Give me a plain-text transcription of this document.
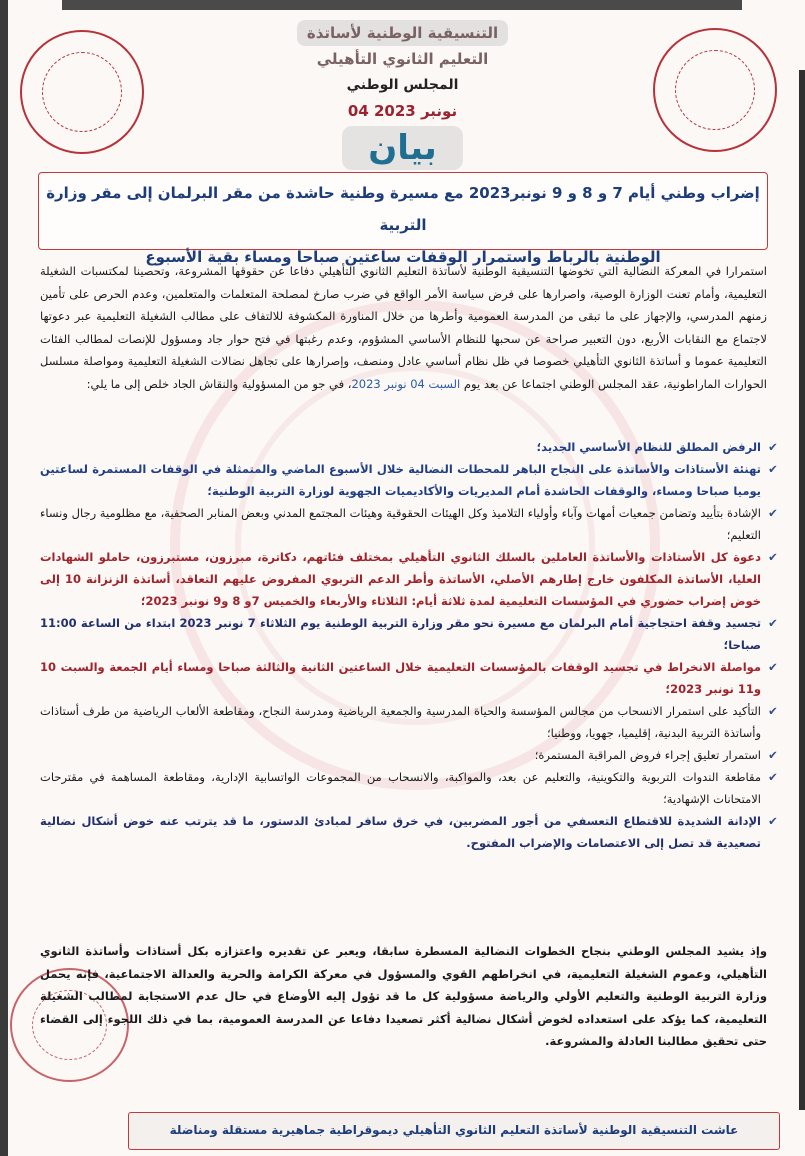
التنسيقية الوطنية لأساتذة

التعليم الثانوي التأهيلي

المجلس الوطني

04 نونبر 2023

بيان

إضراب وطني أيام 7 و 8 و 9 نونبر2023 مع مسيرة وطنية حاشدة من مقر البرلمان إلى مقر وزارة التربية

الوطنية بالرباط واستمرار الوقفات ساعتين صباحا ومساء بقية الأسبوع

استمرارا في المعركة النضالية التي تخوضها التنسيقية الوطنية لأساتذة التعليم الثانوي التأهيلي دفاعا عن حقوقها المشروعة، وتحصينا لمكتسبات الشغيلة التعليمية، وأمام تعنت الوزارة الوصية، واصرارها على فرض سياسة الأمر الواقع في ضرب صارخ لمصلحة المتعلمات والمتعلمين، وعدم الحرص على تأمين زمنهم المدرسي، والإجهاز على ما تبقى من المدرسة العمومية وأطرها من خلال المناورة المكشوفة للالتفاف على مطالب الشغيلة التعليمية عبر دعوتها لاجتماع مع النقابات الأربع، دون التعبير صراحة عن سحبها للنظام الأساسي المشؤوم، وعدم رغبتها في فتح حوار جاد ومسؤول للإنصات لمطالب الفئات التعليمية عموما و أساتذة الثانوي التأهيلي خصوصا في ظل نظام أساسي عادل ومنصف، وإصرارها على تجاهل نضالات الشغيلة التعليمية ومواصلة مسلسل الحوارات الماراطونية، عقد المجلس الوطني اجتماعا عن بعد يوم السبت 04 نونبر 2023، في جو من المسؤولية والنقاش الجاد خلص إلى ما يلي:
✔
الرفض المطلق للنظام الأساسي الجديد؛
✔
تهنئة الأستاذات والأساتذة على النجاح الباهر للمحطات النضالية خلال الأسبوع الماضي والمتمثلة في الوقفات المستمرة لساعتين يوميا صباحا ومساء، والوقفات الحاشدة أمام المديريات والأكاديميات الجهوية لوزارة التربية الوطنية؛
✔
الإشادة بتأييد وتضامن جمعيات أمهات وآباء وأولياء التلاميذ وكل الهيئات الحقوقية وهيئات المجتمع المدني وبعض المنابر الصحفية، مع مظلومية رجال ونساء التعليم؛
✔
دعوة كل الأستاذات والأساتذة العاملين بالسلك الثانوي التأهيلي بمختلف فئاتهم، دكاترة، مبرزون، مستبرزون، حاملو الشهادات العليا، الأساتذة المكلفون خارج إطارهم الأصلي، الأساتذة وأطر الدعم التربوي المفروض عليهم التعاقد، أساتذة الزنزانة 10 إلى خوض إضراب حضوري في المؤسسات التعليمية لمدة ثلاثة أيام: الثلاثاء والأربعاء والخميس 7و 8 و9 نونبر 2023؛
✔
تجسيد وقفة احتجاجية أمام البرلمان مع مسيرة نحو مقر وزارة التربية الوطنية يوم الثلاثاء 7 نونبر 2023 ابتداء من الساعة 11:00 صباحا؛
✔
مواصلة الانخراط في تجسيد الوقفات بالمؤسسات التعليمية خلال الساعتين الثانية والثالثة صباحا ومساء أيام الجمعة والسبت 10 و11 نونبر 2023؛
✔
التأكيد على استمرار الانسحاب من مجالس المؤسسة والحياة المدرسية والجمعية الرياضية ومدرسة النجاح، ومقاطعة الألعاب الرياضية من طرف أستاذات وأساتذة التربية البدنية، إقليميا، جهويا، ووطنيا؛
✔
استمرار تعليق إجراء فروض المراقبة المستمرة؛
✔
مقاطعة الندوات التربوية والتكوينية، والتعليم عن بعد، والمواكبة، والانسحاب من المجموعات الواتسابية الإدارية، ومقاطعة المساهمة في مقترحات الامتحانات الإشهادية؛
✔
الإدانة الشديدة للاقتطاع التعسفي من أجور المضربين، في خرق سافر لمبادئ الدستور، ما قد يترتب عنه خوض أشكال نضالية تصعيدية قد تصل إلى الاعتصامات والإضراب المفتوح.
وإذ يشيد المجلس الوطني بنجاح الخطوات النضالية المسطرة سابقا، ويعبر عن تقديره واعتزازه بكل أستاذات وأساتذة الثانوي التأهيلي، وعموم الشغيلة التعليمية، في انخراطهم القوي والمسؤول في معركة الكرامة والحرية والعدالة الاجتماعية، فإنه يحمل وزارة التربية الوطنية والتعليم الأولي والرياضة مسؤولية كل ما قد تؤول إليه الأوضاع في حال عدم الاستجابة لمطالب الشغيلة التعليمية، كما يؤكد على استعداده لخوض أشكال نضالية أكثر تصعيدا دفاعا عن المدرسة العمومية، بما في ذلك اللجوء إلى القضاء حتى تحقيق مطالبنا العادلة والمشروعة.
عاشت التنسيقية الوطنية لأساتذة التعليم الثانوي التأهيلي ديموقراطية جماهيرية مستقلة ومناضلة
